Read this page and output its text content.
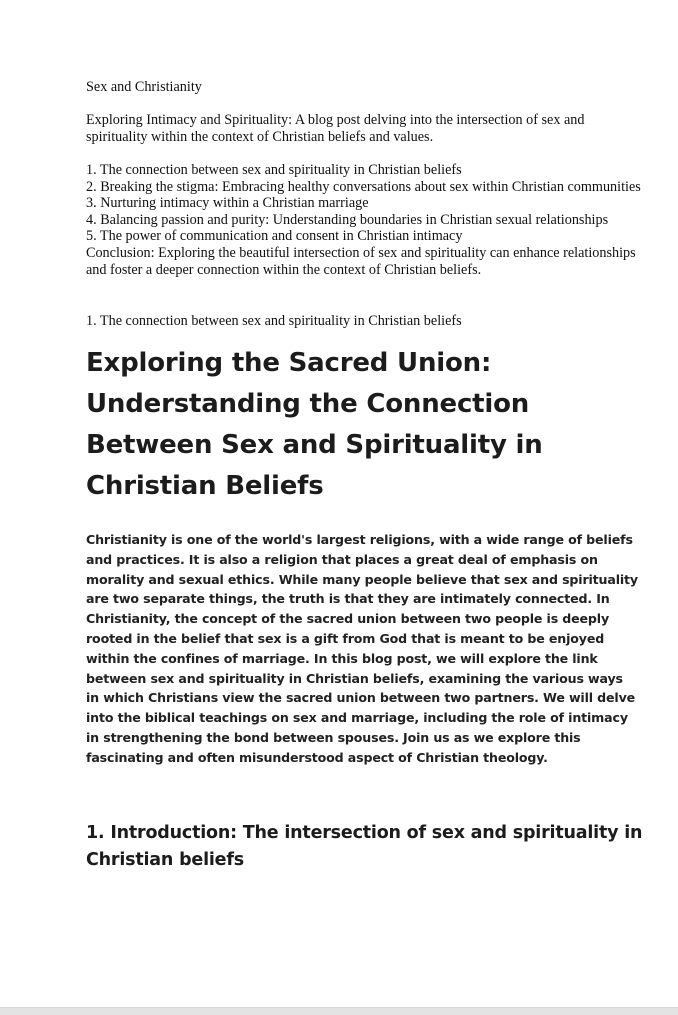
Sex and Christianity
Exploring Intimacy and Spirituality: A blog post delving into the intersection of sex and spirituality within the context of Christian beliefs and values.
1. The connection between sex and spirituality in Christian beliefs
2. Breaking the stigma: Embracing healthy conversations about sex within Christian communities
3. Nurturing intimacy within a Christian marriage
4. Balancing passion and purity: Understanding boundaries in Christian sexual relationships
5. The power of communication and consent in Christian intimacy
Conclusion: Exploring the beautiful intersection of sex and spirituality can enhance relationships and foster a deeper connection within the context of Christian beliefs.
1. The connection between sex and spirituality in Christian beliefs
Exploring the Sacred Union: Understanding the Connection Between Sex and Spirituality in Christian Beliefs

Christianity is one of the world's largest religions, with a wide range of beliefs and practices. It is also a religion that places a great deal of emphasis on morality and sexual ethics. While many people believe that sex and spirituality are two separate things, the truth is that they are intimately connected. In Christianity, the concept of the sacred union between two people is deeply rooted in the belief that sex is a gift from God that is meant to be enjoyed within the confines of marriage. In this blog post, we will explore the link between sex and spirituality in Christian beliefs, examining the various ways in which Christians view the sacred union between two partners. We will delve into the biblical teachings on sex and marriage, including the role of intimacy in strengthening the bond between spouses. Join us as we explore this fascinating and often misunderstood aspect of Christian theology.

1. Introduction: The intersection of sex and spirituality in Christian beliefs
